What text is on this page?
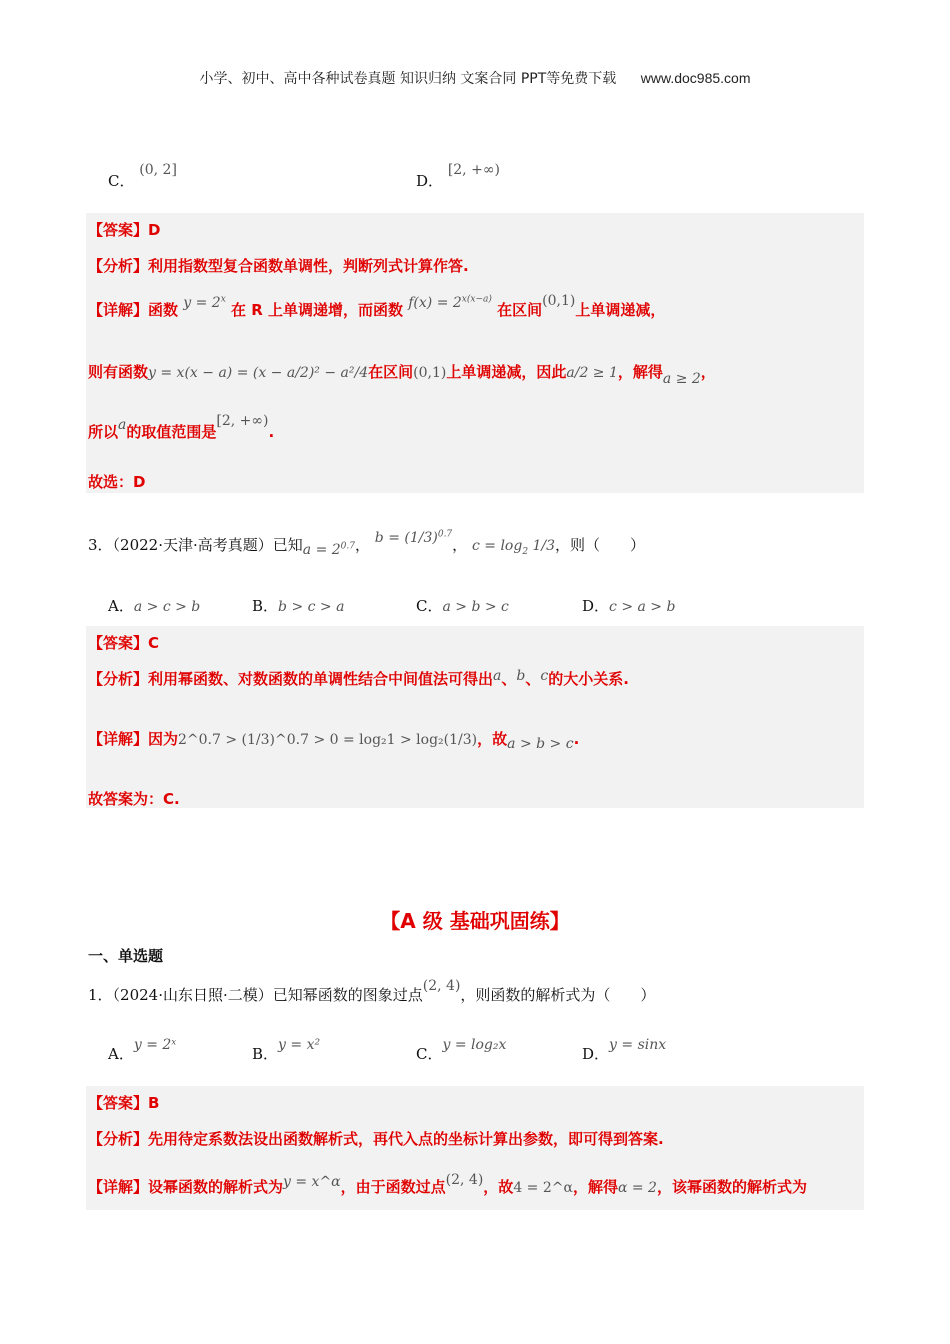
小学、初中、高中各种试卷真题 知识归纳 文案合同 PPT等免费下载 www.doc985.com
C． (0, 2]
D． [2, +∞)
【答案】D
【分析】利用指数型复合函数单调性，判断列式计算作答.
【详解】函数 $y = 2^x$ 在 R 上单调递增，而函数 $f(x) = 2^{x(x-a)}$ 在区间(0,1)上单调递减，
则有函数y = x(x − a) = (x − a/2)² − a²/4在区间(0,1)上单调递减，因此a/2 ≥ 1，解得a ≥ 2，
所以a的取值范围是[2, +∞).
故选：D
3．（2022·天津·高考真题）已知$a = 2^{0.7}$， $b = (1/3)^{0.7}$， $c = \log_2 1/3$，则（　　）
A．a > c > b	B．b > c > a	C．a > b > c	D．c > a > b
【答案】C
【分析】利用幂函数、对数函数的单调性结合中间值法可得出a、b、c的大小关系.
【详解】因为2^0.7 > (1/3)^0.7 > 0 = log₂1 > log₂(1/3)，故a > b > c.
故答案为：C.
【A 级 基础巩固练】
一、单选题
1．（2024·山东日照·二模）已知幂函数的图象过点(2, 4)，则函数的解析式为（　　）
A．y = 2ˣ	B．y = x²	C．y = log₂x	D．y = sinx
【答案】B
【分析】先用待定系数法设出函数解析式，再代入点的坐标计算出参数，即可得到答案.
【详解】设幂函数的解析式为y = x^α，由于函数过点(2, 4)，故4 = 2^α，解得α = 2，该幂函数的解析式为
